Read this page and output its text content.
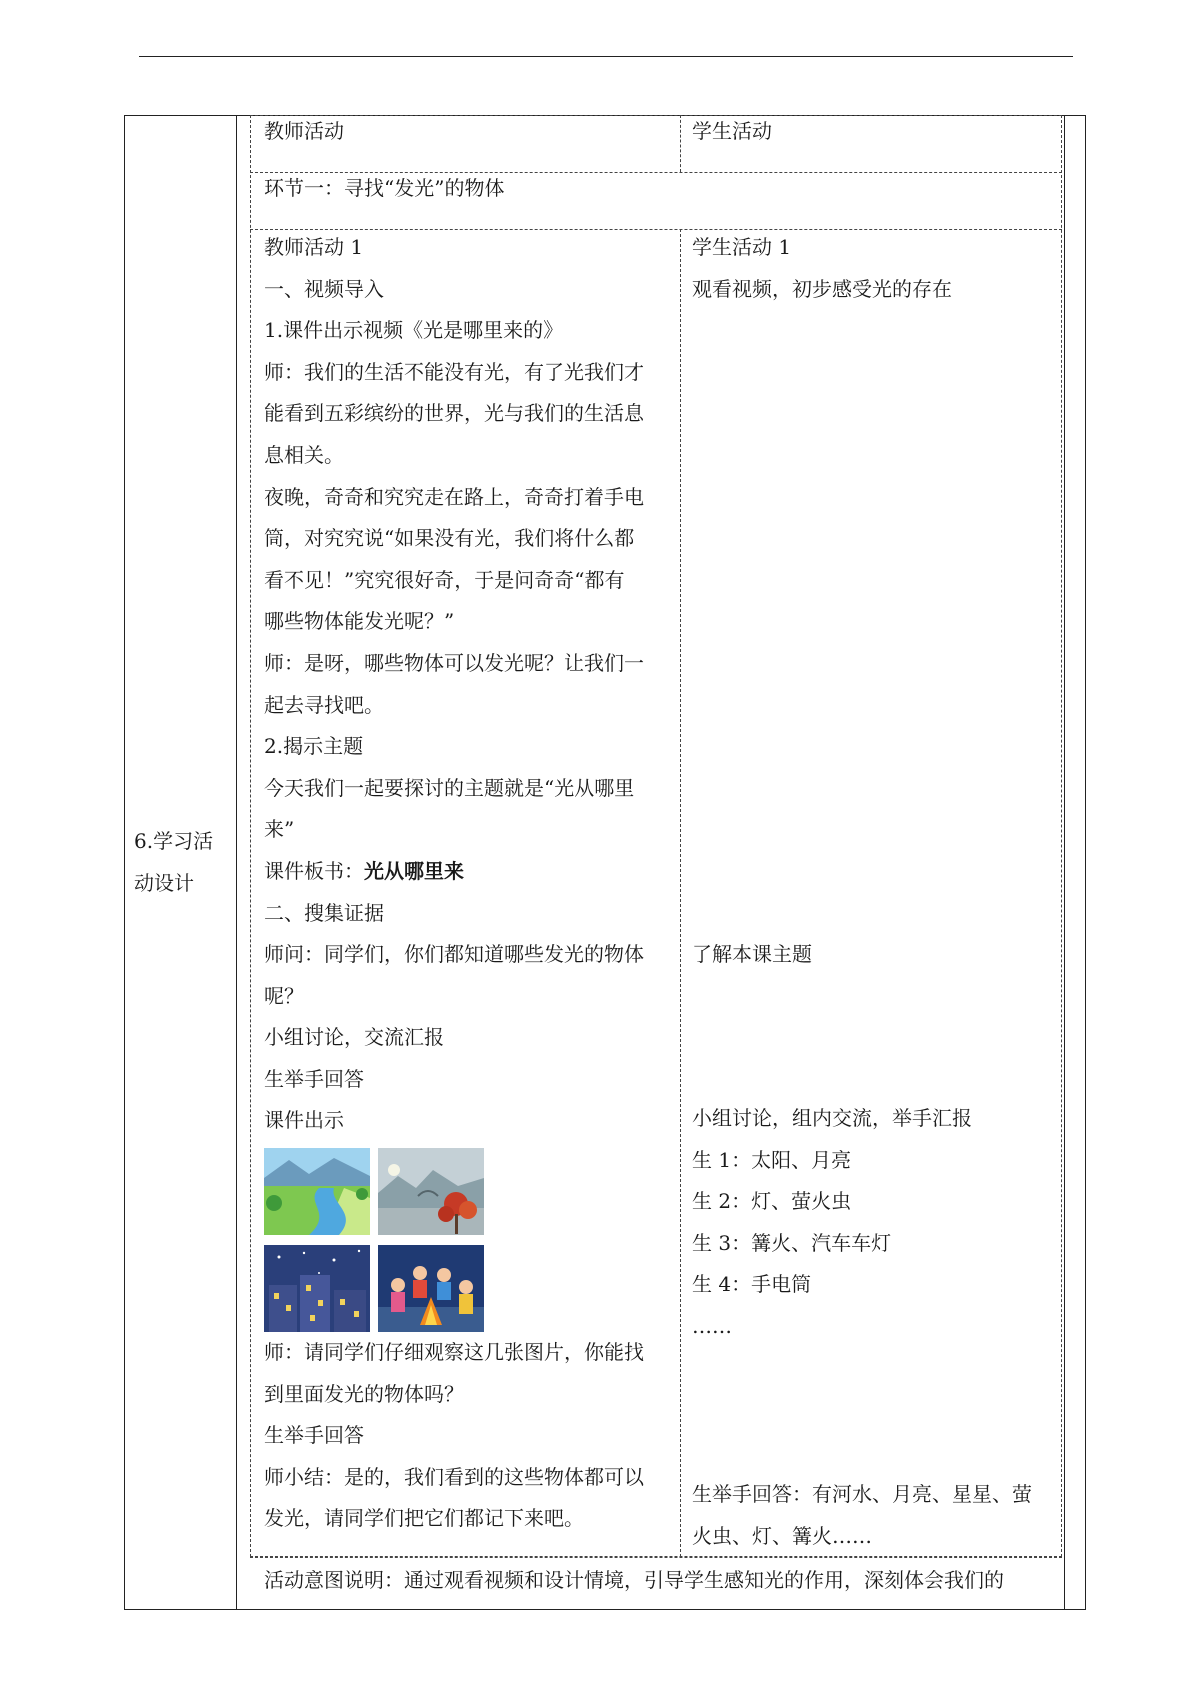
6.学习活
动设计
教师活动	学生活动
环节一：寻找“发光”的物体
教师活动 1
一、视频导入
1.课件出示视频《光是哪里来的》
师：我们的生活不能没有光，有了光我们才
能看到五彩缤纷的世界，光与我们的生活息
息相关。
夜晚，奇奇和究究走在路上，奇奇打着手电
筒，对究究说“如果没有光，我们将什么都
看不见！”究究很好奇，于是问奇奇“都有
哪些物体能发光呢？”
师：是呀，哪些物体可以发光呢？让我们一
起去寻找吧。
2.揭示主题
今天我们一起要探讨的主题就是“光从哪里
来”
课件板书：光从哪里来
二、搜集证据
师问：同学们，你们都知道哪些发光的物体
呢？
小组讨论，交流汇报
生举手回答
课件出示
师：请同学们仔细观察这几张图片，你能找
到里面发光的物体吗？
生举手回答
师小结：是的，我们看到的这些物体都可以
发光，请同学们把它们都记下来吧。
学生活动 1
观看视频，初步感受光的存在
了解本课主题
小组讨论，组内交流，举手汇报
生 1：太阳、月亮
生 2：灯、萤火虫
生 3：篝火、汽车车灯
生 4：手电筒
……
生举手回答：有河水、月亮、星星、萤
火虫、灯、篝火……
活动意图说明：通过观看视频和设计情境，引导学生感知光的作用，深刻体会我们的
